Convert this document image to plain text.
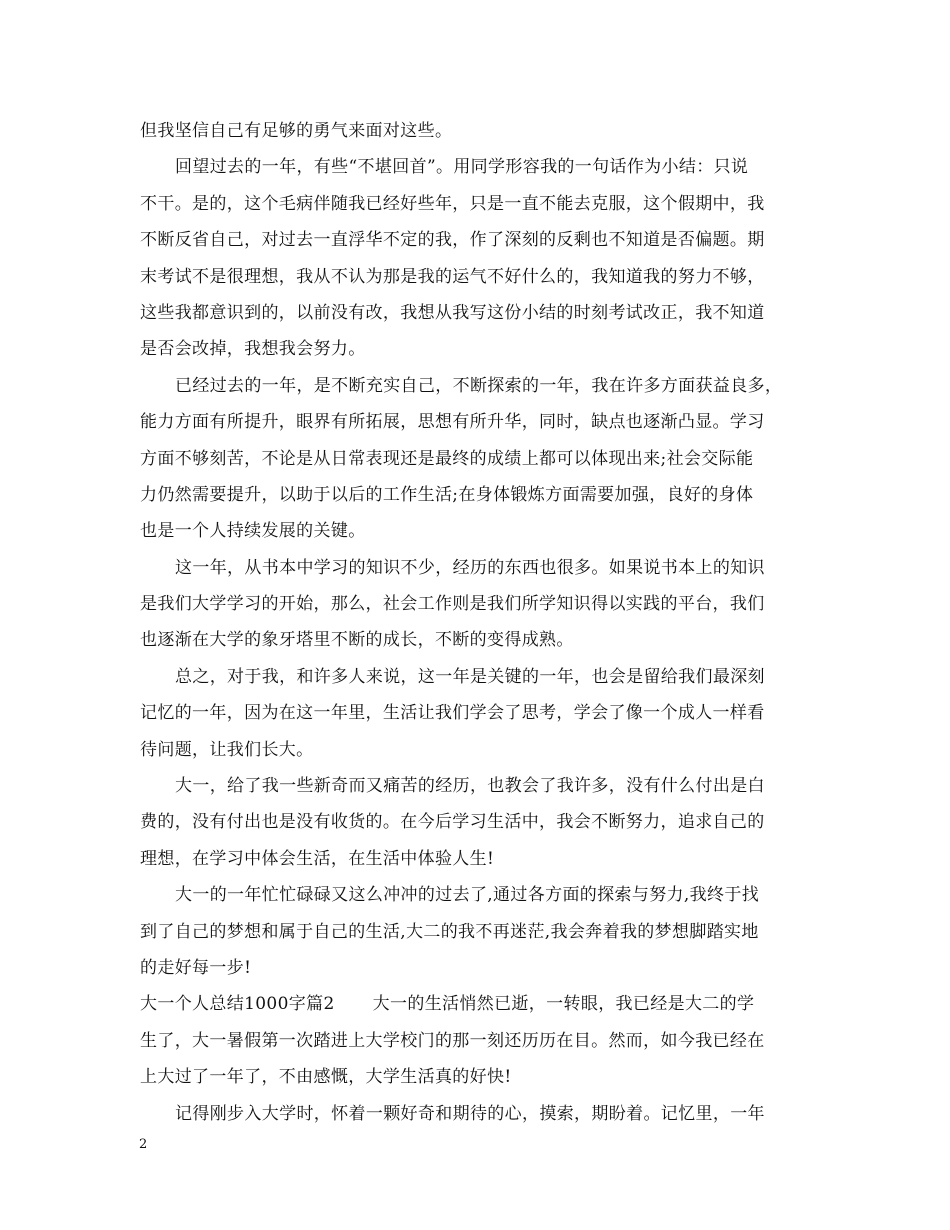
但我坚信自己有足够的勇气来面对这些。
回望过去的一年，有些“不堪回首”。用同学形容我的一句话作为小结：只说
不干。是的，这个毛病伴随我已经好些年，只是一直不能去克服，这个假期中，我
不断反省自己，对过去一直浮华不定的我，作了深刻的反剩也不知道是否偏题。期
末考试不是很理想，我从不认为那是我的运气不好什么的，我知道我的努力不够，
这些我都意识到的，以前没有改，我想从我写这份小结的时刻考试改正，我不知道
是否会改掉，我想我会努力。
已经过去的一年，是不断充实自己，不断探索的一年，我在许多方面获益良多，
能力方面有所提升，眼界有所拓展，思想有所升华，同时，缺点也逐渐凸显。学习
方面不够刻苦，不论是从日常表现还是最终的成绩上都可以体现出来;社会交际能
力仍然需要提升，以助于以后的工作生活;在身体锻炼方面需要加强，良好的身体
也是一个人持续发展的关键。
这一年，从书本中学习的知识不少，经历的东西也很多。如果说书本上的知识
是我们大学学习的开始，那么，社会工作则是我们所学知识得以实践的平台，我们
也逐渐在大学的象牙塔里不断的成长，不断的变得成熟。
总之，对于我，和许多人来说，这一年是关键的一年，也会是留给我们最深刻
记忆的一年，因为在这一年里，生活让我们学会了思考，学会了像一个成人一样看
待问题，让我们长大。
大一，给了我一些新奇而又痛苦的经历，也教会了我许多，没有什么付出是白
费的，没有付出也是没有收货的。在今后学习生活中，我会不断努力，追求自己的
理想，在学习中体会生活，在生活中体验人生!
大一的一年忙忙碌碌又这么冲冲的过去了,通过各方面的探索与努力,我终于找
到了自己的梦想和属于自己的生活,大二的我不再迷茫,我会奔着我的梦想脚踏实地
的走好每一步!
大一个人总结1000字篇2 大一的生活悄然已逝，一转眼，我已经是大二的学
生了，大一暑假第一次踏进上大学校门的那一刻还历历在目。然而，如今我已经在
上大过了一年了，不由感慨，大学生活真的好快!
记得刚步入大学时，怀着一颗好奇和期待的心，摸索，期盼着。记忆里，一年
2
